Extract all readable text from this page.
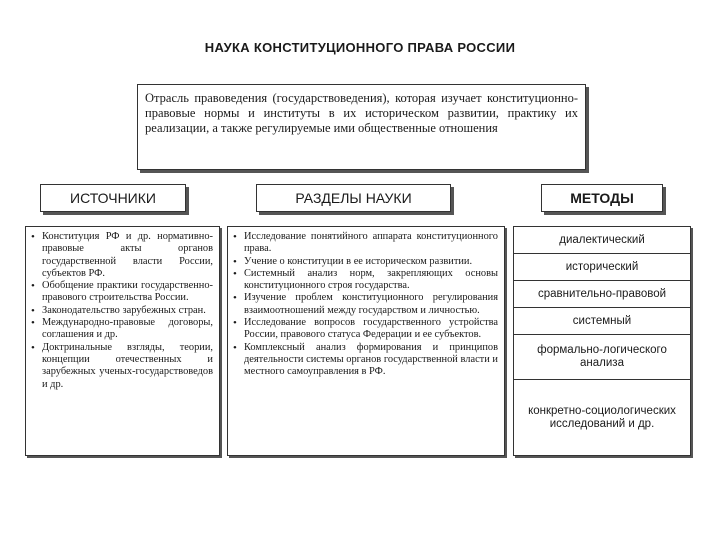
НАУКА КОНСТИТУЦИОННОГО ПРАВА РОССИИ
Отрасль правоведения (государствоведения), которая изучает конституционно-правовые нормы и институты в их историческом развитии, практику их реализации, а также регулируемые ими общественные отношения
ИСТОЧНИКИ	РАЗДЕЛЫ НАУКИ	МЕТОДЫ
• Конституция РФ и др. нормативно-правовые акты органов государственной власти России, субъектов РФ.
• Обобщение практики государственно-правового строительства России.
• Законодательство зарубежных стран.
• Международно-правовые договоры, соглашения и др.
• Доктринальные взгляды, теории, концепции отечественных и зарубежных ученых-государствоведов и др.
• Исследование понятийного аппарата конституционного права.
• Учение о конституции в ее историческом развитии.
• Системный анализ норм, закрепляющих основы конституционного строя государства.
• Изучение проблем конституционного регулирования взаимоотношений между государством и личностью.
• Исследование вопросов государственного устройства России, правового статуса Федерации и ее субъектов.
• Комплексный анализ формирования и принципов деятельности системы органов государственной власти и местного самоуправления в РФ.
диалектический
исторический
сравнительно-правовой
системный
формально-логического анализа
конкретно-социологических исследований и др.
